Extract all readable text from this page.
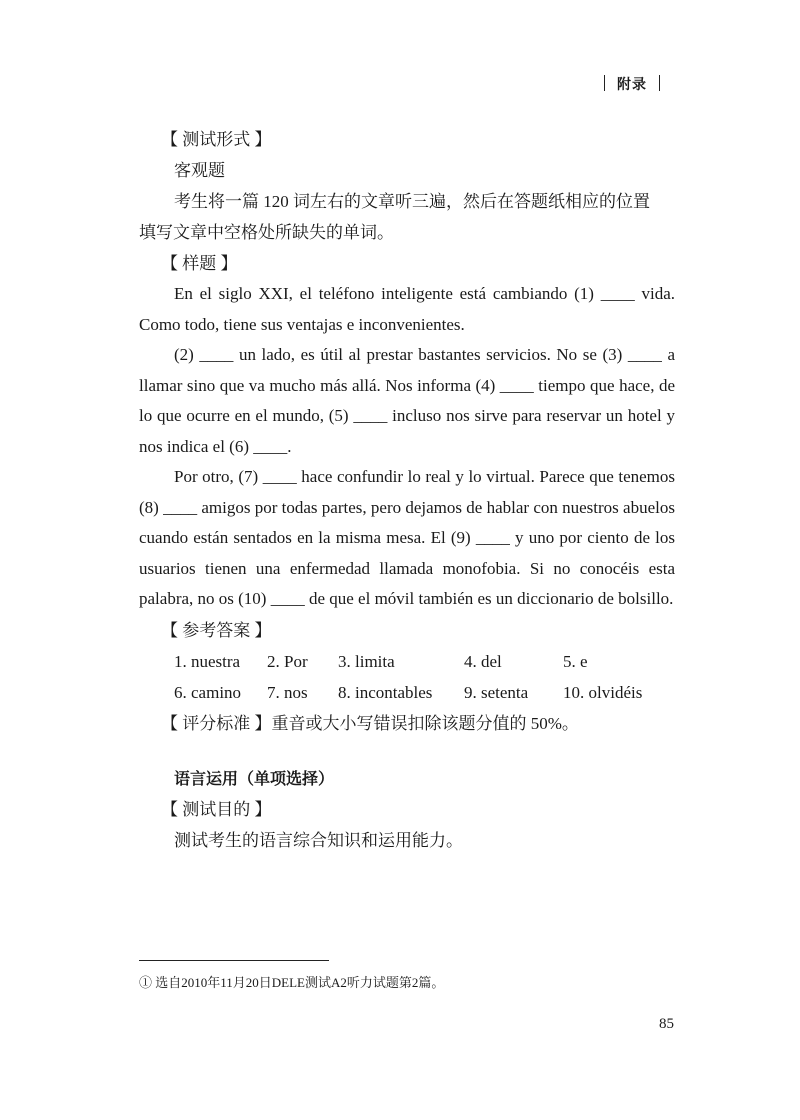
附录
【 测试形式 】
客观题
考生将一篇 120 词左右的文章听三遍，然后在答题纸相应的位置
填写文章中空格处所缺失的单词。
【 样题 】
En el siglo XXI, el teléfono inteligente está cambiando (1) ____ vida. Como todo, tiene sus ventajas e inconvenientes.
(2) ____ un lado, es útil al prestar bastantes servicios. No se (3) ____ a llamar sino que va mucho más allá. Nos informa (4) ____ tiempo que hace, de lo que ocurre en el mundo, (5) ____ incluso nos sirve para reservar un hotel y nos indica el (6) ____.
Por otro, (7) ____ hace confundir lo real y lo virtual. Parece que tenemos (8) ____ amigos por todas partes, pero dejamos de hablar con nuestros abuelos cuando están sentados en la misma mesa. El (9) ____ y uno por ciento de los usuarios tienen una enfermedad llamada monofobia. Si no conocéis esta palabra, no os (10) ____ de que el móvil también es un diccionario de bolsillo.
【 参考答案 】
1. nuestra	2. Por	3. limita	4. del	5. e
6. camino	7. nos	8. incontables	9. setenta	10. olvidéis
【 评分标准 】重音或大小写错误扣除该题分值的 50%。
语言运用（单项选择）
【 测试目的 】
测试考生的语言综合知识和运用能力。
① 选自2010年11月20日DELE测试A2听力试题第2篇。
85
